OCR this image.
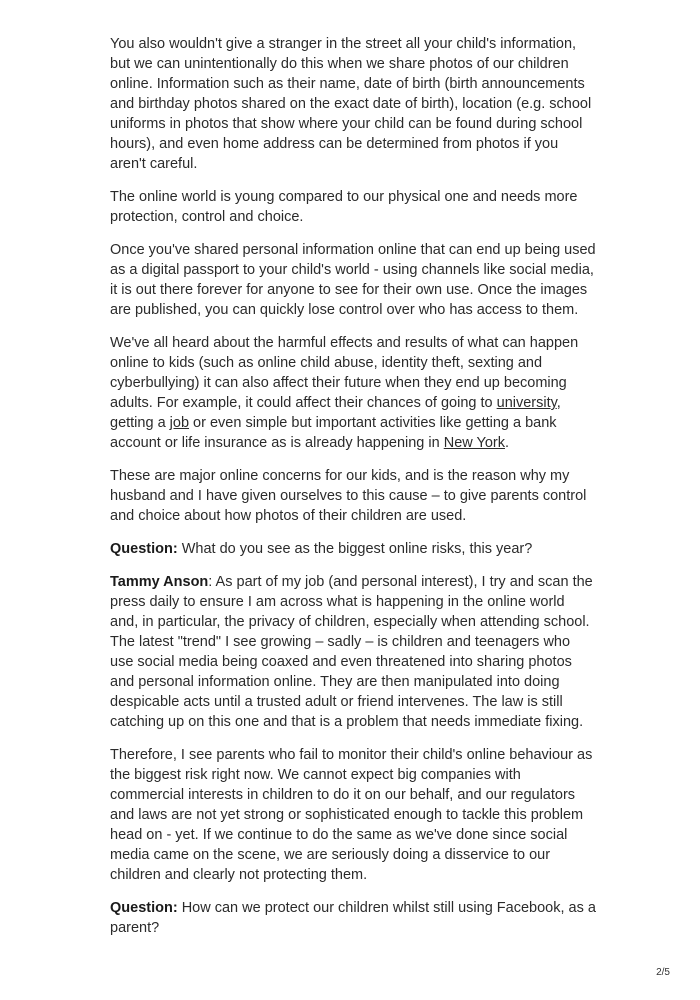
You also wouldn't give a stranger in the street all your child's information, but we can unintentionally do this when we share photos of our children online. Information such as their name, date of birth (birth announcements and birthday photos shared on the exact date of birth), location (e.g. school uniforms in photos that show where your child can be found during school hours), and even home address can be determined from photos if you aren't careful.

The online world is young compared to our physical one and needs more protection, control and choice.

Once you've shared personal information online that can end up being used as a digital passport to your child's world - using channels like social media, it is out there forever for anyone to see for their own use. Once the images are published, you can quickly lose control over who has access to them.

We've all heard about the harmful effects and results of what can happen online to kids (such as online child abuse, identity theft, sexting and cyberbullying) it can also affect their future when they end up becoming adults. For example, it could affect their chances of going to university, getting a job or even simple but important activities like getting a bank account or life insurance as is already happening in New York.

These are major online concerns for our kids, and is the reason why my husband and I have given ourselves to this cause – to give parents control and choice about how photos of their children are used.

Question: What do you see as the biggest online risks, this year?

Tammy Anson: As part of my job (and personal interest), I try and scan the press daily to ensure I am across what is happening in the online world and, in particular, the privacy of children, especially when attending school. The latest "trend" I see growing – sadly – is children and teenagers who use social media being coaxed and even threatened into sharing photos and personal information online. They are then manipulated into doing despicable acts until a trusted adult or friend intervenes. The law is still catching up on this one and that is a problem that needs immediate fixing.

Therefore, I see parents who fail to monitor their child's online behaviour as the biggest risk right now. We cannot expect big companies with commercial interests in children to do it on our behalf, and our regulators and laws are not yet strong or sophisticated enough to tackle this problem head on - yet. If we continue to do the same as we've done since social media came on the scene, we are seriously doing a disservice to our children and clearly not protecting them.

Question: How can we protect our children whilst still using Facebook, as a parent?

2/5
